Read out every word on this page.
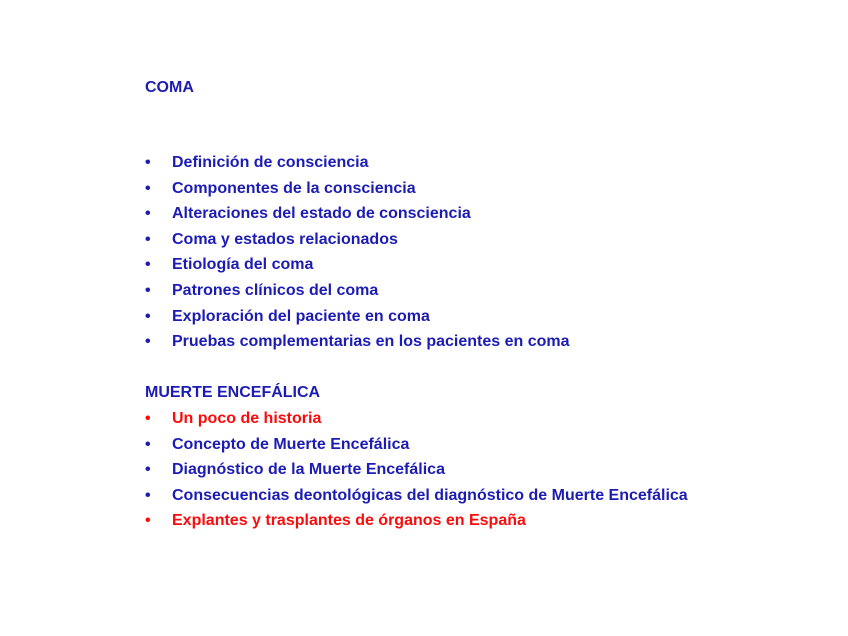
COMA
• Definición de consciencia
• Componentes de la consciencia
• Alteraciones del estado de consciencia
• Coma y estados relacionados
• Etiología del coma
• Patrones clínicos del coma
• Exploración del paciente en coma
• Pruebas complementarias en los pacientes en coma
MUERTE ENCEFÁLICA
• Un poco de historia
• Concepto de Muerte Encefálica
• Diagnóstico de la Muerte Encefálica
• Consecuencias deontológicas del diagnóstico de Muerte Encefálica
• Explantes y trasplantes de órganos en España
